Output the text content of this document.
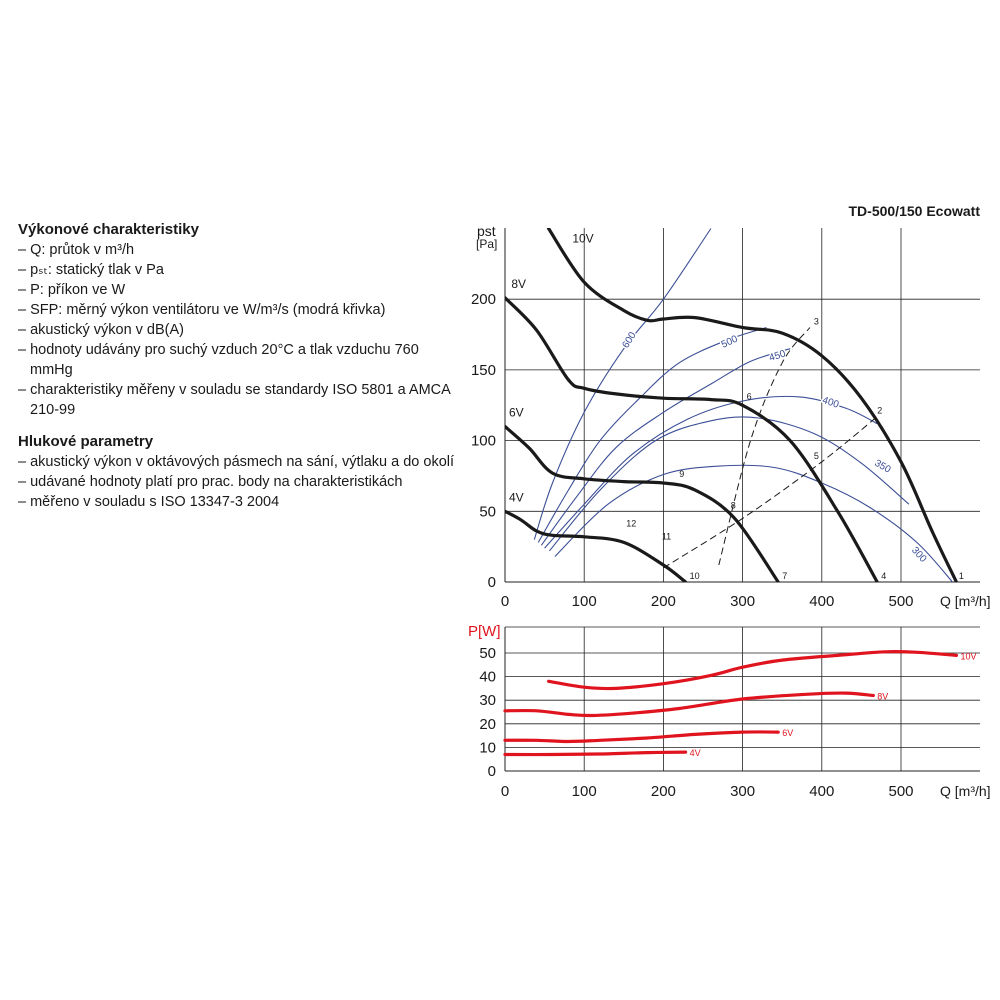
Výkonové charakteristiky
– Q: průtok v m³/h
– pₛₜ: statický tlak v Pa
– P: příkon ve W
– SFP: měrný výkon ventilátoru ve W/m³/s (modrá křivka)
– akustický výkon v dB(A)
– hodnoty udávány pro suchý vzduch 20°C a tlak vzduchu 760 mmHg
– charakteristiky měřeny v souladu se standardy ISO 5801 a AMCA 210-99
Hlukové parametry
– akustický výkon v oktávových pásmech na sání, výtlaku a do okolí
– udávané hodnoty platí pro prac. body na charakteristikách
– měřeno v souladu s ISO 13347-3 2004
TD-500/150 Ecowatt
pst
[Pa]
0
50
100
150
200
0	100	200	300	400	500 Q [m³/h]
600	500
450
400
350
300
10V
8V
6V
4V
1
2
3
4
5
6
7
8
9
10
11
12
P[W]
0
10
20
30
40
50
0	100	200	300	400	500 Q [m³/h]
10V
8V
6V
4V
